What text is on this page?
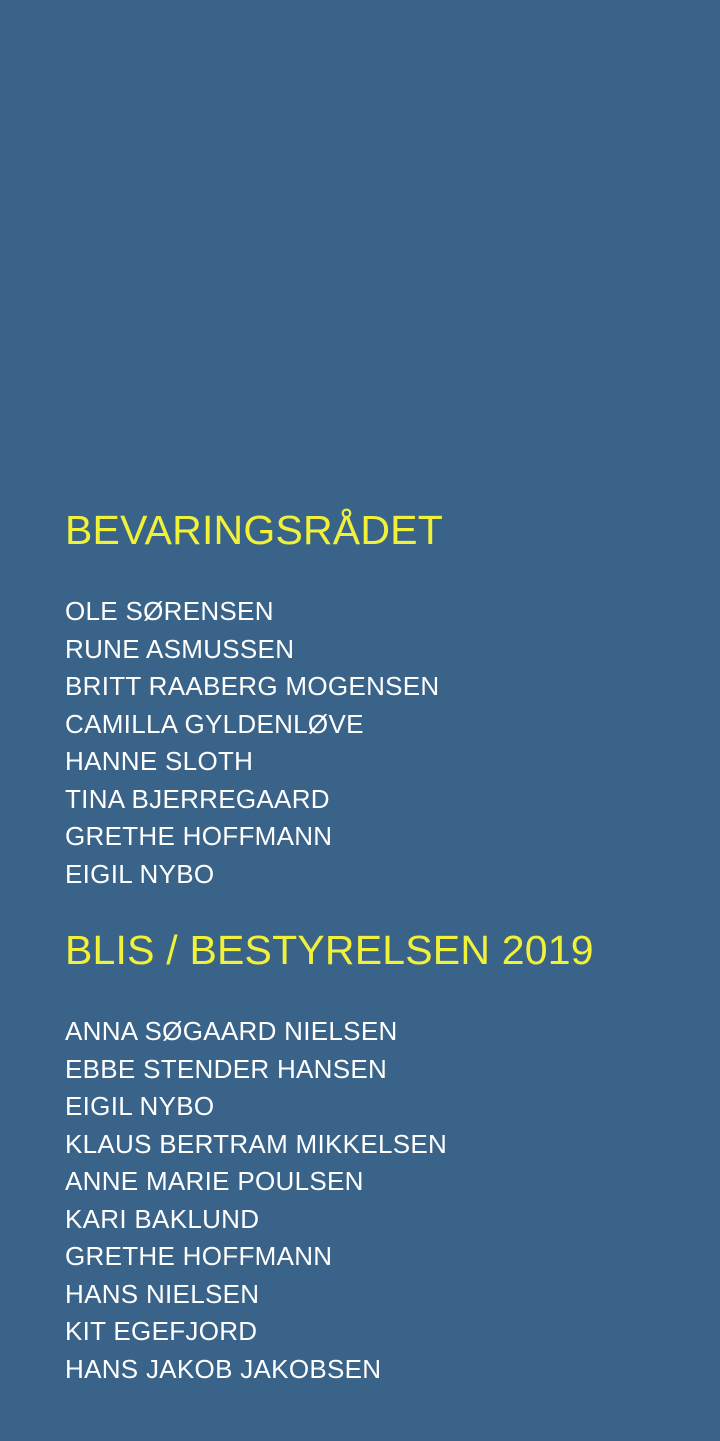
BEVARINGSRÅDET
OLE SØRENSEN
RUNE ASMUSSEN
BRITT RAABERG MOGENSEN
CAMILLA GYLDENLØVE
HANNE SLOTH
TINA BJERREGAARD
GRETHE HOFFMANN
EIGIL NYBO
BLIS / BESTYRELSEN 2019
ANNA SØGAARD NIELSEN
EBBE STENDER HANSEN
EIGIL NYBO
KLAUS BERTRAM MIKKELSEN
ANNE MARIE POULSEN
KARI BAKLUND
GRETHE HOFFMANN
HANS NIELSEN
KIT EGEFJORD
HANS JAKOB JAKOBSEN
